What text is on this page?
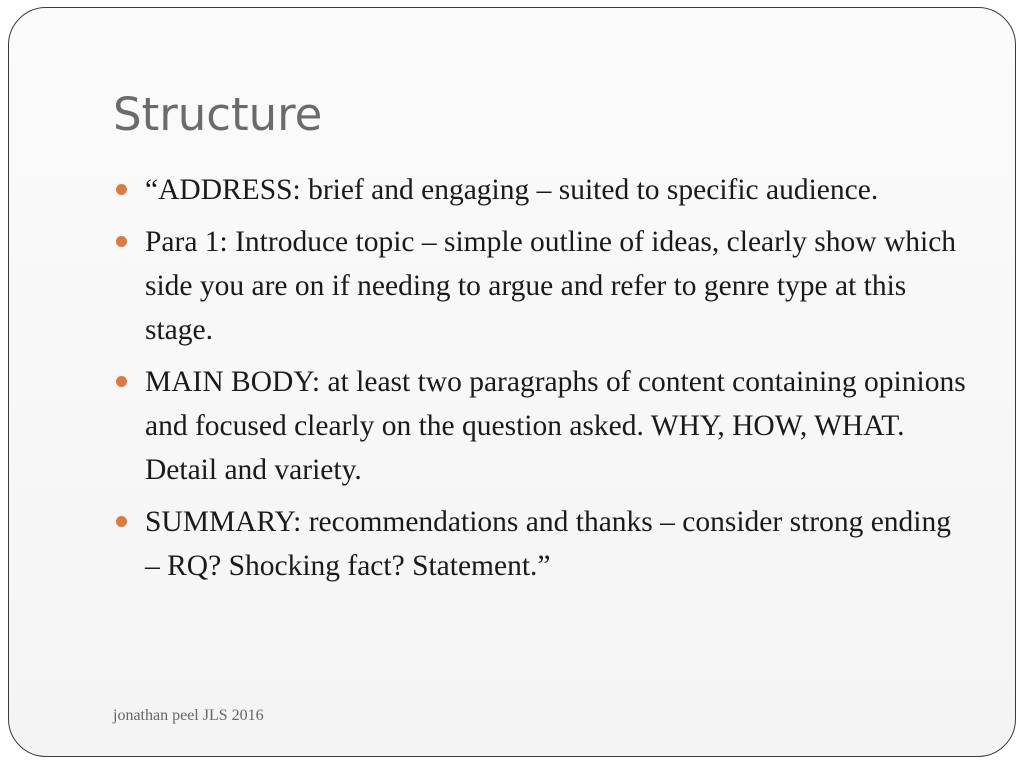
Structure
“ADDRESS: brief and engaging – suited to specific audience.
Para 1: Introduce topic – simple outline of ideas, clearly show which side you are on if needing to argue and refer to genre type at this stage.
MAIN BODY: at least two paragraphs of content containing opinions and focused clearly on the question asked. WHY, HOW, WHAT. Detail and variety.
SUMMARY: recommendations and thanks – consider strong ending – RQ? Shocking fact? Statement.”
jonathan peel JLS 2016
